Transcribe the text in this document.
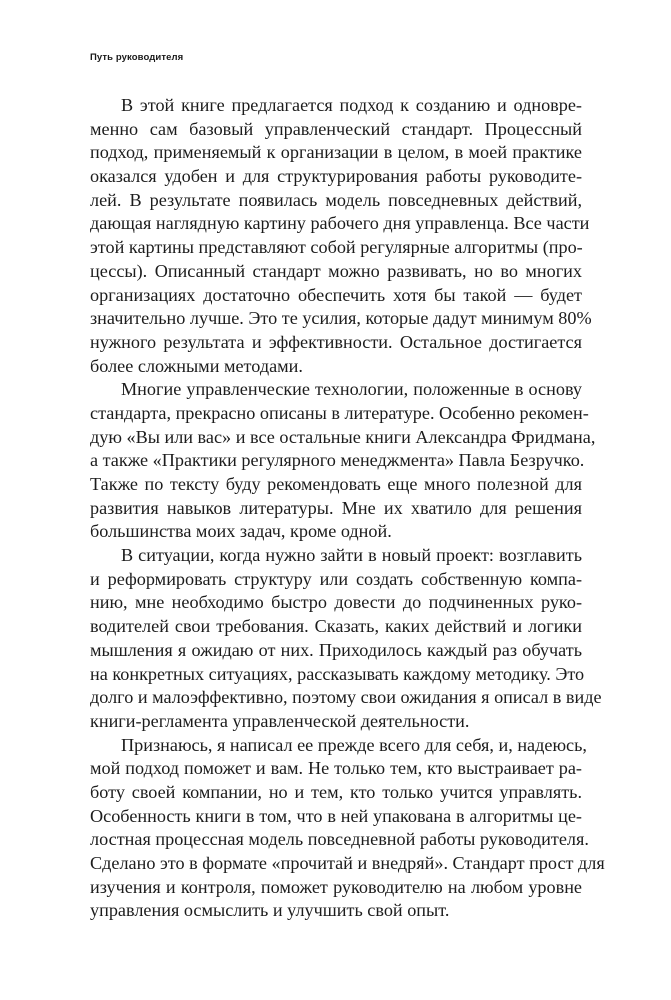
Путь руководителя
В этой книге предлагается подход к созданию и одновре-
менно сам базовый управленческий стандарт. Процессный
подход, применяемый к организации в целом, в моей практике
оказался удобен и для структурирования работы руководите-
лей. В результате появилась модель повседневных действий,
дающая наглядную картину рабочего дня управленца. Все части
этой картины представляют собой регулярные алгоритмы (про-
цессы). Описанный стандарт можно развивать, но во многих
организациях достаточно обеспечить хотя бы такой — будет
значительно лучше. Это те усилия, которые дадут минимум 80%
нужного результата и эффективности. Остальное достигается
более сложными методами.
Многие управленческие технологии, положенные в основу
стандарта, прекрасно описаны в литературе. Особенно рекомен-
дую «Вы или вас» и все остальные книги Александра Фридмана,
а также «Практики регулярного менеджмента» Павла Безручко.
Также по тексту буду рекомендовать еще много полезной для
развития навыков литературы. Мне их хватило для решения
большинства моих задач, кроме одной.
В ситуации, когда нужно зайти в новый проект: возглавить
и реформировать структуру или создать собственную компа-
нию, мне необходимо быстро довести до подчиненных руко-
водителей свои требования. Сказать, каких действий и логики
мышления я ожидаю от них. Приходилось каждый раз обучать
на конкретных ситуациях, рассказывать каждому методику. Это
долго и малоэффективно, поэтому свои ожидания я описал в виде
книги-регламента управленческой деятельности.
Признаюсь, я написал ее прежде всего для себя, и, надеюсь,
мой подход поможет и вам. Не только тем, кто выстраивает ра-
боту своей компании, но и тем, кто только учится управлять.
Особенность книги в том, что в ней упакована в алгоритмы це-
лостная процессная модель повседневной работы руководителя.
Сделано это в формате «прочитай и внедряй». Стандарт прост для
изучения и контроля, поможет руководителю на любом уровне
управления осмыслить и улучшить свой опыт.
